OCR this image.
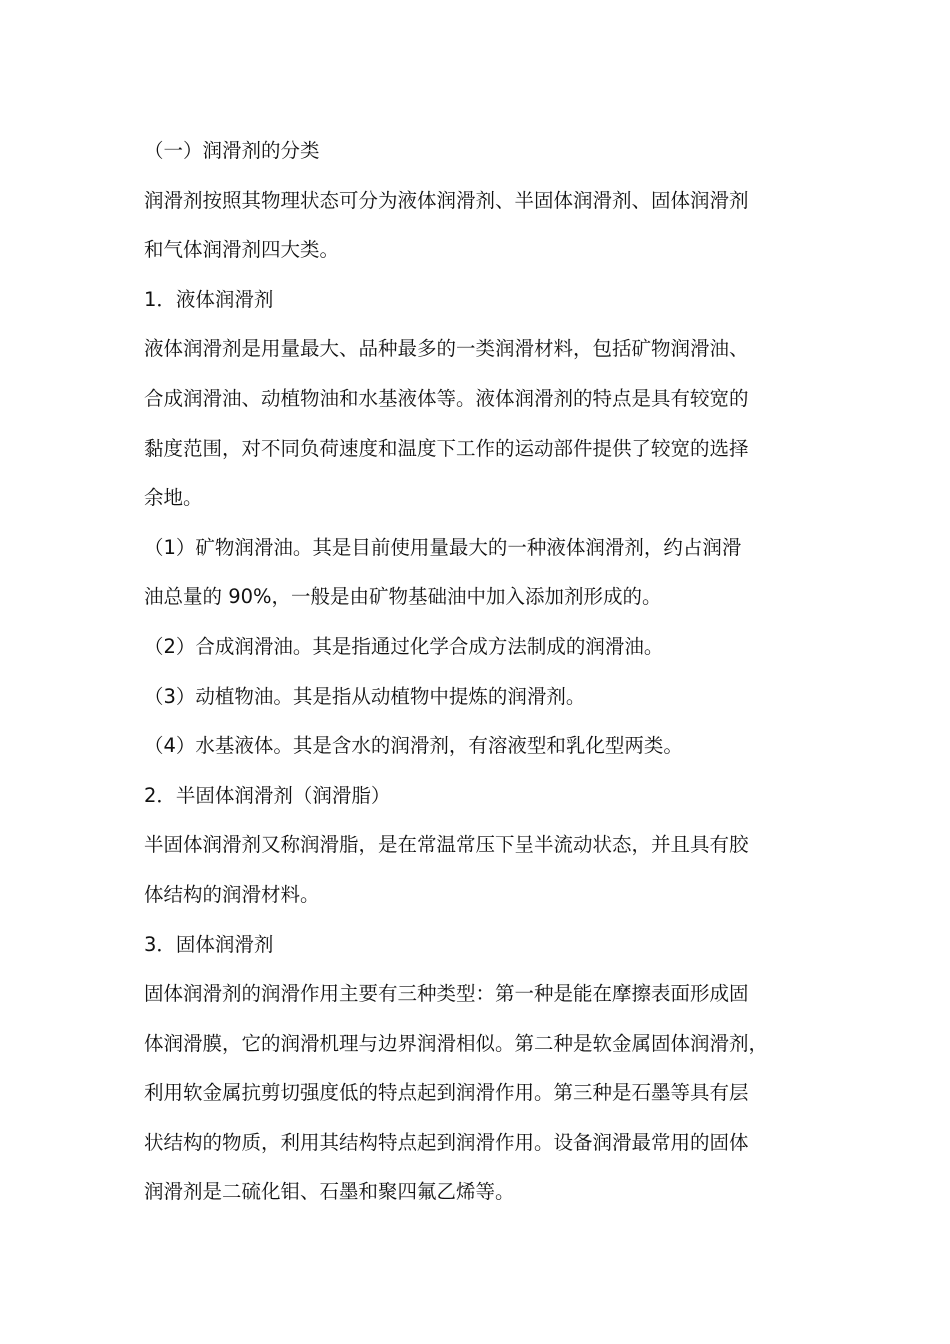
（一）润滑剂的分类

润滑剂按照其物理状态可分为液体润滑剂、半固体润滑剂、固体润滑剂

和气体润滑剂四大类。

1．液体润滑剂

液体润滑剂是用量最大、品种最多的一类润滑材料，包括矿物润滑油、

合成润滑油、动植物油和水基液体等。液体润滑剂的特点是具有较宽的

黏度范围，对不同负荷速度和温度下工作的运动部件提供了较宽的选择

余地。

（1）矿物润滑油。其是目前使用量最大的一种液体润滑剂，约占润滑

油总量的 90%，一般是由矿物基础油中加入添加剂形成的。

（2）合成润滑油。其是指通过化学合成方法制成的润滑油。

（3）动植物油。其是指从动植物中提炼的润滑剂。

（4）水基液体。其是含水的润滑剂，有溶液型和乳化型两类。

2．半固体润滑剂（润滑脂）

半固体润滑剂又称润滑脂，是在常温常压下呈半流动状态，并且具有胶

体结构的润滑材料。

3．固体润滑剂

固体润滑剂的润滑作用主要有三种类型：第一种是能在摩擦表面形成固

体润滑膜，它的润滑机理与边界润滑相似。第二种是软金属固体润滑剂，

利用软金属抗剪切强度低的特点起到润滑作用。第三种是石墨等具有层

状结构的物质，利用其结构特点起到润滑作用。设备润滑最常用的固体

润滑剂是二硫化钼、石墨和聚四氟乙烯等。
